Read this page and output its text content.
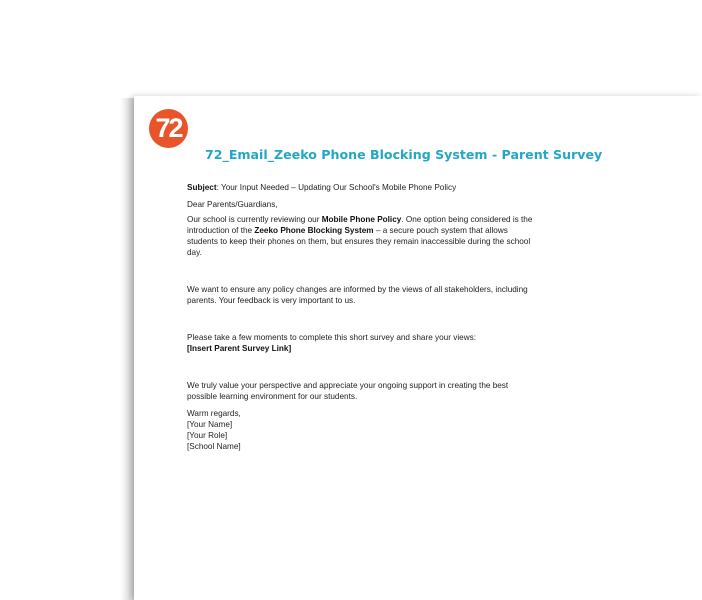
72
72_Email_Zeeko Phone Blocking System - Parent Survey

Subject: Your Input Needed – Updating Our School's Mobile Phone Policy

Dear Parents/Guardians,

Our school is currently reviewing our Mobile Phone Policy. One option being considered is the introduction of the Zeeko Phone Blocking System – a secure pouch system that allows students to keep their phones on them, but ensures they remain inaccessible during the school day.

We want to ensure any policy changes are informed by the views of all stakeholders, including parents. Your feedback is very important to us.

Please take a few moments to complete this short survey and share your views:
[Insert Parent Survey Link]

We truly value your perspective and appreciate your ongoing support in creating the best possible learning environment for our students.

Warm regards,
[Your Name]
[Your Role]
[School Name]
